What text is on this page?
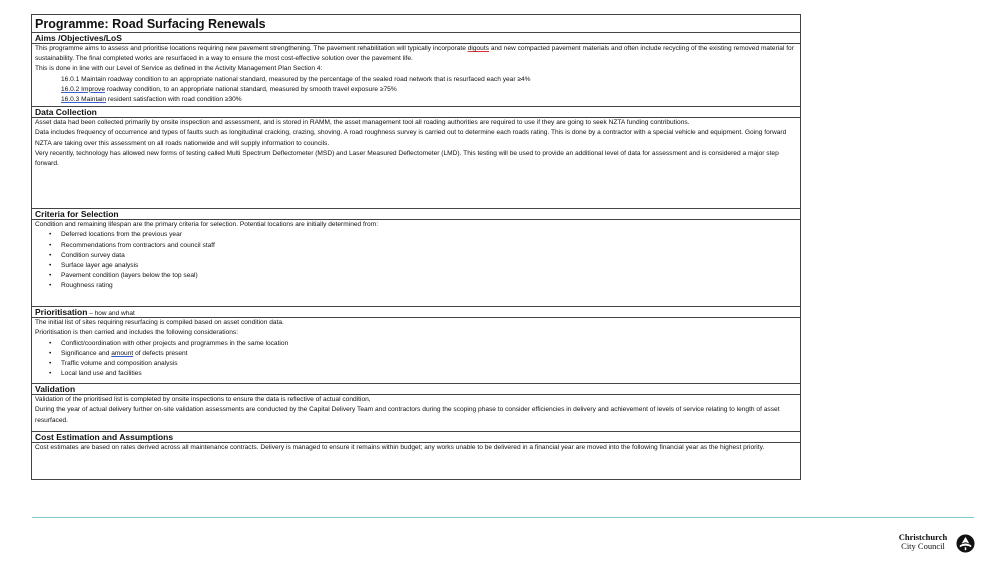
Programme: Road Surfacing Renewals
Aims /Objectives/LoS

This programme aims to assess and prioritise locations requiring new pavement strengthening. The pavement rehabilitation will typically incorporate digouts and new compacted pavement materials and often include recycling of the existing removed material for sustainability. The final completed works are resurfaced in a way to ensure the most cost-effective solution over the pavement life.

This is done in line with our Level of Service as defined in the Activity Management Plan Section 4:

16.0.1 Maintain roadway condition to an appropriate national standard, measured by the percentage of the sealed road network that is resurfaced each year ≥4%

16.0.2 Improve roadway condition, to an appropriate national standard, measured by smooth travel exposure ≥75%

16.0.3 Maintain resident satisfaction with road condition ≥30%

Data Collection

Asset data had been collected primarily by onsite inspection and assessment, and is stored in RAMM, the asset management tool all roading authorities are required to use if they are going to seek NZTA funding contributions.

Data includes frequency of occurrence and types of faults such as longitudinal cracking, crazing, shoving. A road roughness survey is carried out to determine each roads rating. This is done by a contractor with a special vehicle and equipment. Going forward NZTA are taking over this assessment on all roads nationwide and will supply information to councils.

Very recently, technology has allowed new forms of testing called Multi Spectrum Deflectometer (MSD) and Laser Measured Deflectometer (LMD). This testing will be used to provide an additional level of data for assessment and is considered a major step forward.

Criteria for Selection

Condition and remaining lifespan are the primary criteria for selection. Potential locations are initially determined from:

• Deferred locations from the previous year
• Recommendations from contractors and council staff
• Condition survey data
• Surface layer age analysis
• Pavement condition (layers below the top seal)
• Roughness rating
Prioritisation – how and what

The initial list of sites requiring resurfacing is compiled based on asset condition data.

Prioritisation is then carried and includes the following considerations:

• Conflict/coordination with other projects and programmes in the same location
• Significance and amount of defects present
• Traffic volume and composition analysis
• Local land use and facilities
Validation

Validation of the prioritised list is completed by onsite inspections to ensure the data is reflective of actual condition,

During the year of actual delivery further on-site validation assessments are conducted by the Capital Delivery Team and contractors during the scoping phase to consider efficiencies in delivery and achievement of levels of service relating to length of asset resurfaced.

Cost Estimation and Assumptions

Cost estimates are based on rates derived across all maintenance contracts. Delivery is managed to ensure it remains within budget; any works unable to be delivered in a financial year are moved into the following financial year as the highest priority.

Christchurch
City Council
